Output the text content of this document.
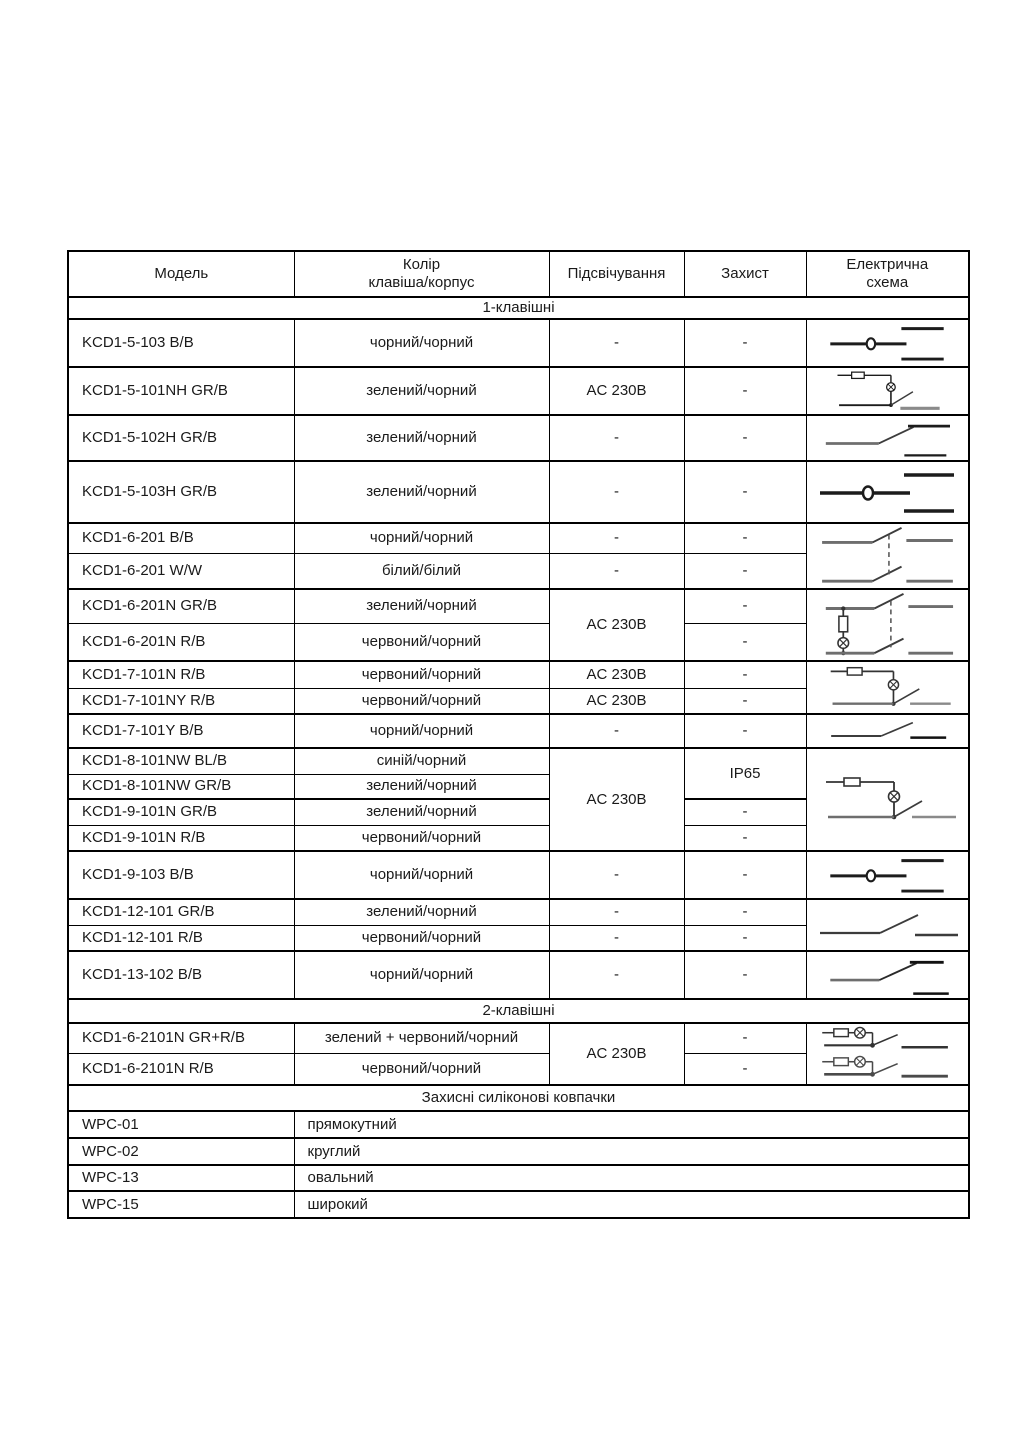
Модель	Колір
клавіша/корпус	Підсвічування	Захист	Електрична
схема

1-клавішні				
KCD1-5-103 B/B	чорний/чорний	-	-	

KCD1-5-101NH GR/B	зелений/чорний	AC 230B	-	

KCD1-5-102H GR/B	зелений/чорний	-	-	

KCD1-5-103H GR/B	зелений/чорний	-	-	

KCD1-6-201 B/B	чорний/чорний	-	-	

KCD1-6-201 W/W	білий/білий	-	-	
KCD1-6-201N GR/B	зелений/чорний	AC 230B	-	

KCD1-6-201N R/B	червоний/чорний		-	
KCD1-7-101N R/B	червоний/чорний	AC 230B	-	

KCD1-7-101NY R/B	червоний/чорний	AC 230B	-	
KCD1-7-101Y B/B	чорний/чорний	-	-	

KCD1-8-101NW BL/B	синій/чорний	AC 230B	IP65	

KCD1-8-101NW GR/B	зелений/чорний			
KCD1-9-101N GR/B	зелений/чорний		-	
KCD1-9-101N R/B	червоний/чорний		-	
KCD1-9-103 B/B	чорний/чорний	-	-	

KCD1-12-101 GR/B	зелений/чорний	-	-	

KCD1-12-101 R/B	червоний/чорний	-	-	
KCD1-13-102 B/B	чорний/чорний	-	-	

2-клавішні				
KCD1-6-2101N GR+R/B	зелений + червоний/чорний	AC 230B	-	

KCD1-6-2101N R/B	червоний/чорний		-	
Захисні силіконові ковпачки				
WPC-01	прямокутний			
WPC-02	круглий			
WPC-13	овальний			
WPC-15	широкий			
